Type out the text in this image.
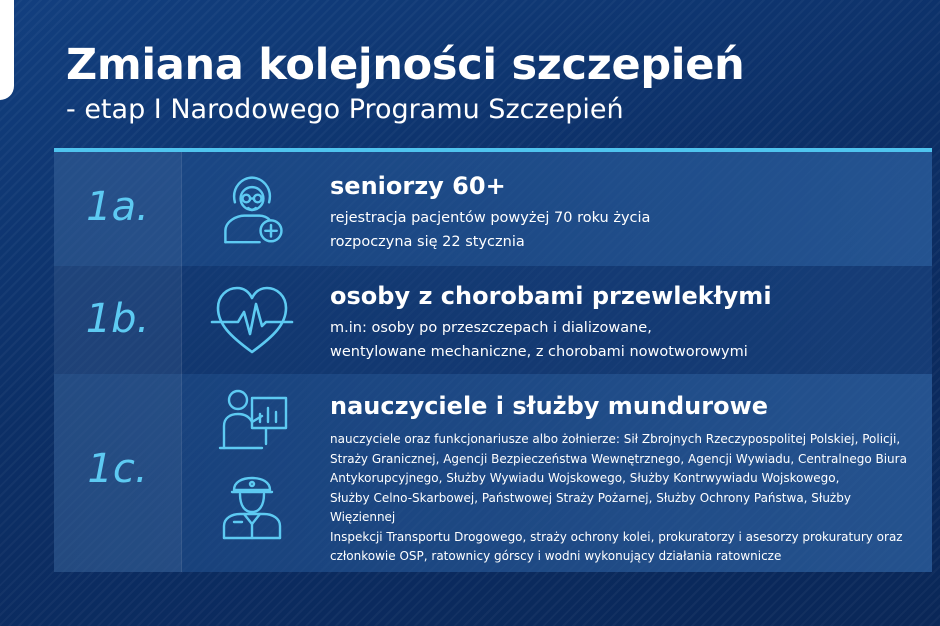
Zmiana kolejności szczepień
- etap I Narodowego Programu Szczepień
1a.	seniorzy 60+
rejestracja pacjentów powyżej 70 roku życia
rozpoczyna się 22 stycznia
1b.	osoby z chorobami przewlekłymi
m.in: osoby po przeszczepach i dializowane,
wentylowane mechaniczne, z chorobami nowotworowymi
1c.
nauczyciele i służby mundurowe
nauczyciele oraz funkcjonariusze albo żołnierze: Sił Zbrojnych Rzeczypospolitej Polskiej, Policji,
Straży Granicznej, Agencji Bezpieczeństwa Wewnętrznego, Agencji Wywiadu, Centralnego Biura
Antykorupcyjnego, Służby Wywiadu Wojskowego, Służby Kontrwywiadu Wojskowego,
Służby Celno-Skarbowej, Państwowej Straży Pożarnej, Służby Ochrony Państwa, Służby Więziennej
Inspekcji Transportu Drogowego, straży ochrony kolei, prokuratorzy i asesorzy prokuratury oraz
członkowie OSP, ratownicy górscy i wodni wykonujący działania ratownicze
